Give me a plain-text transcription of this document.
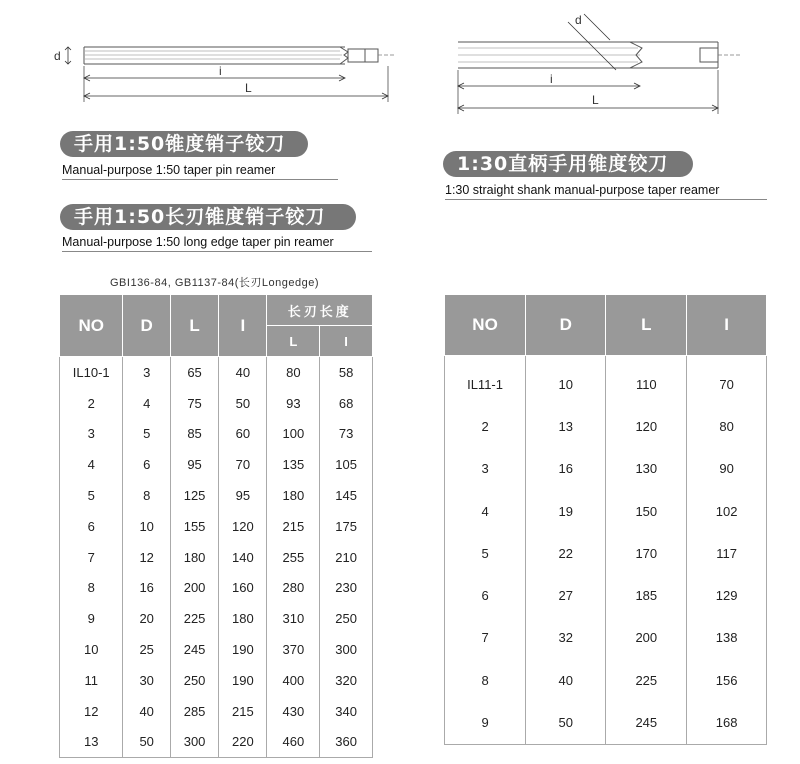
d
i
L
d
i
L
手用1:50锥度销子铰刀
Manual-purpose 1:50 taper pin reamer
手用1:50长刃锥度销子铰刀
Manual-purpose 1:50 long edge taper pin reamer
GBI136-84, GB1137-84(长刃Longedge)
1:30直柄手用锥度铰刀
1:30 straight shank manual-purpose taper reamer
NO	D	L	I	长刃长度	
				L	I
IL10-1	3	65	40	80	58
2	4	75	50	93	68
3	5	85	60	100	73
4	6	95	70	135	105
5	8	125	95	180	145
6	10	155	120	215	175
7	12	180	140	255	210
8	16	200	160	280	230
9	20	225	180	310	250
10	25	245	190	370	300
11	30	250	190	400	320
12	40	285	215	430	340
13	50	300	220	460	360
NO	D	L	I
IL11-1	10	110	70
2	13	120	80
3	16	130	90
4	19	150	102
5	22	170	117
6	27	185	129
7	32	200	138
8	40	225	156
9	50	245	168
